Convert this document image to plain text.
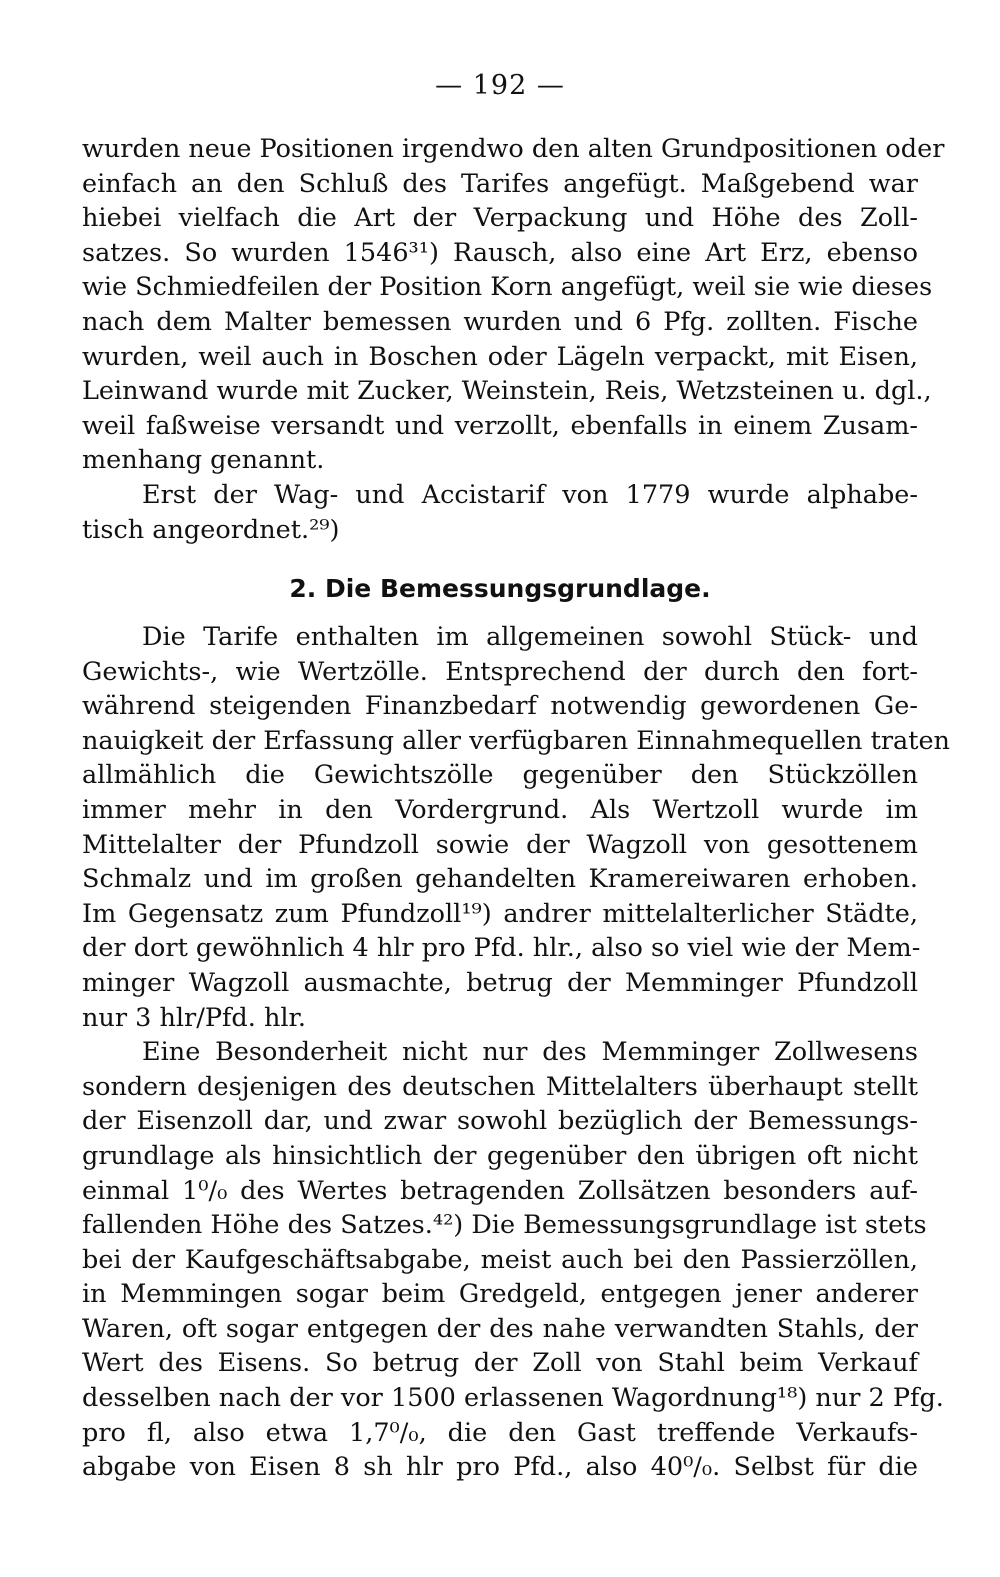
— 192 —
wurden neue Positionen irgendwo den alten Grundpositionen oder
einfach an den Schluß des Tarifes angefügt. Maßgebend war
hiebei vielfach die Art der Verpackung und Höhe des Zoll-
satzes. So wurden 1546³¹) Rausch, also eine Art Erz, ebenso
wie Schmiedfeilen der Position Korn angefügt, weil sie wie dieses
nach dem Malter bemessen wurden und 6 Pfg. zollten. Fische
wurden, weil auch in Boschen oder Lägeln verpackt, mit Eisen,
Leinwand wurde mit Zucker, Weinstein, Reis, Wetzsteinen u. dgl.,
weil faßweise versandt und verzollt, ebenfalls in einem Zusam-
menhang genannt.
Erst der Wag- und Accistarif von 1779 wurde alphabe-
tisch angeordnet.²⁹)
2. Die Bemessungsgrundlage.
Die Tarife enthalten im allgemeinen sowohl Stück- und
Gewichts-, wie Wertzölle. Entsprechend der durch den fort-
während steigenden Finanzbedarf notwendig gewordenen Ge-
nauigkeit der Erfassung aller verfügbaren Einnahmequellen traten
allmählich die Gewichtszölle gegenüber den Stückzöllen
immer mehr in den Vordergrund. Als Wertzoll wurde im
Mittelalter der Pfundzoll sowie der Wagzoll von gesottenem
Schmalz und im großen gehandelten Kramereiwaren erhoben.
Im Gegensatz zum Pfundzoll¹⁹) andrer mittelalterlicher Städte,
der dort gewöhnlich 4 hlr pro Pfd. hlr., also so viel wie der Mem-
minger Wagzoll ausmachte, betrug der Memminger Pfundzoll
nur 3 hlr/Pfd. hlr.
Eine Besonderheit nicht nur des Memminger Zollwesens
sondern desjenigen des deutschen Mittelalters überhaupt stellt
der Eisenzoll dar, und zwar sowohl bezüglich der Bemessungs-
grundlage als hinsichtlich der gegenüber den übrigen oft nicht
einmal 1⁰/₀ des Wertes betragenden Zollsätzen besonders auf-
fallenden Höhe des Satzes.⁴²) Die Bemessungsgrundlage ist stets
bei der Kaufgeschäftsabgabe, meist auch bei den Passierzöllen,
in Memmingen sogar beim Gredgeld, entgegen jener anderer
Waren, oft sogar entgegen der des nahe verwandten Stahls, der
Wert des Eisens. So betrug der Zoll von Stahl beim Verkauf
desselben nach der vor 1500 erlassenen Wagordnung¹⁸) nur 2 Pfg.
pro fl, also etwa 1,7⁰/₀, die den Gast treffende Verkaufs-
abgabe von Eisen 8 sh hlr pro Pfd., also 40⁰/₀. Selbst für die
